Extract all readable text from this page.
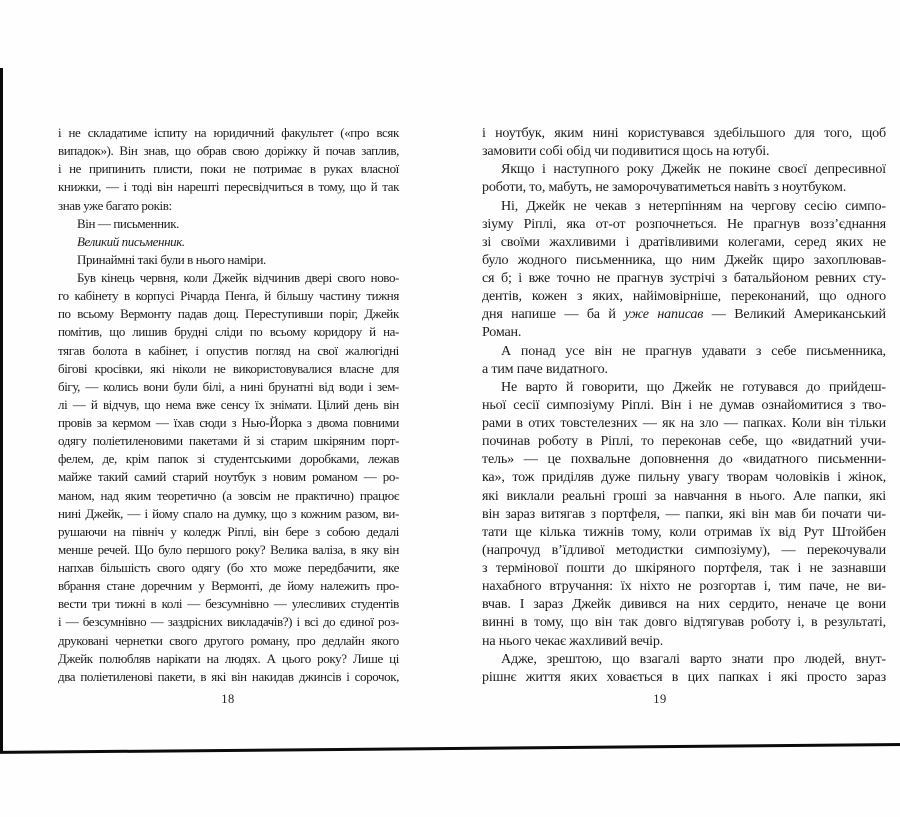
і не складатиме іспиту на юридичний факультет («про всяк
випадок»). Він знав, що обрав свою доріжку й почав заплив,
і не припинить плисти, поки не потримає в руках власної
книжки, — і тоді він нарешті пересвідчиться в тому, що й так
знав уже багато років:
Він — письменник.
Великий письменник.
Принаймні такі були в нього наміри.
Був кінець червня, коли Джейк відчинив двері свого ново-
го кабінету в корпусі Річарда Пенґа, й більшу частину тижня
по всьому Вермонту падав дощ. Переступивши поріг, Джейк
помітив, що лишив брудні сліди по всьому коридору й на-
тягав болота в кабінет, і опустив погляд на свої жалюгідні
бігові кросівки, які ніколи не використовувалися власне для
бігу, — колись вони були білі, а нині брунатні від води і зем-
лі — й відчув, що нема вже сенсу їх знімати. Цілий день він
провів за кермом — їхав сюди з Нью-Йорка з двома повними
одягу поліетиленовими пакетами й зі старим шкіряним порт-
фелем, де, крім папок зі студентськими доробками, лежав
майже такий самий старий ноутбук з новим романом — ро-
маном, над яким теоретично (а зовсім не практично) працює
нині Джейк, — і йому спало на думку, що з кожним разом, ви-
рушаючи на північ у коледж Ріплі, він бере з собою дедалі
менше речей. Що було першого року? Велика валіза, в яку він
напхав більшість свого одягу (бо хто може передбачити, яке
вбрання стане доречним у Вермонті, де йому належить про-
вести три тижні в колі — безсумнівно — улесливих студентів
і — безсумнівно — заздрісних викладачів?) і всі до єдиної роз-
друковані чернетки свого другого роману, про дедлайн якого
Джейк полюбляв нарікати на людях. А цього року? Лише ці
два поліетиленові пакети, в які він накидав джинсів і сорочок,
18
і ноутбук, яким нині користувався здебільшого для того, щоб
замовити собі обід чи подивитися щось на ютубі.
Якщо і наступного року Джейк не покине своєї депресивної
роботи, то, мабуть, не заморочуватиметься навіть з ноутбуком.
Ні, Джейк не чекав з нетерпінням на чергову сесію симпо-
зіуму Ріплі, яка от-от розпочнеться. Не прагнув возз’єднання
зі своїми жахливими і дратівливими колегами, серед яких не
було жодного письменника, що ним Джейк щиро захоплював-
ся б; і вже точно не прагнув зустрічі з батальйоном ревних сту-
дентів, кожен з яких, найімовірніше, переконаний, що одного
дня напише — ба й уже написав — Великий Американський
Роман.
А понад усе він не прагнув удавати з себе письменника,
а тим паче видатного.
Не варто й говорити, що Джейк не готувався до прийдеш-
ньої сесії симпозіуму Ріплі. Він і не думав ознайомитися з тво-
рами в отих товстелезних — як на зло — папках. Коли він тільки
починав роботу в Ріплі, то переконав себе, що «видатний учи-
тель» — це похвальне доповнення до «видатного письменни-
ка», тож приділяв дуже пильну увагу творам чоловіків і жінок,
які виклали реальні гроші за навчання в нього. Але папки, які
він зараз витягав з портфеля, — папки, які він мав би почати чи-
тати ще кілька тижнів тому, коли отримав їх від Рут Штойбен
(напрочуд в’їдливої методистки симпозіуму), — перекочували
з термінової пошти до шкіряного портфеля, так і не зазнавши
нахабного втручання: їх ніхто не розгортав і, тим паче, не ви-
вчав. І зараз Джейк дивився на них сердито, неначе це вони
винні в тому, що він так довго відтягував роботу і, в результаті,
на нього чекає жахливий вечір.
Адже, зрештою, що взагалі варто знати про людей, внут-
рішнє життя яких ховається в цих папках і які просто зараз
19
